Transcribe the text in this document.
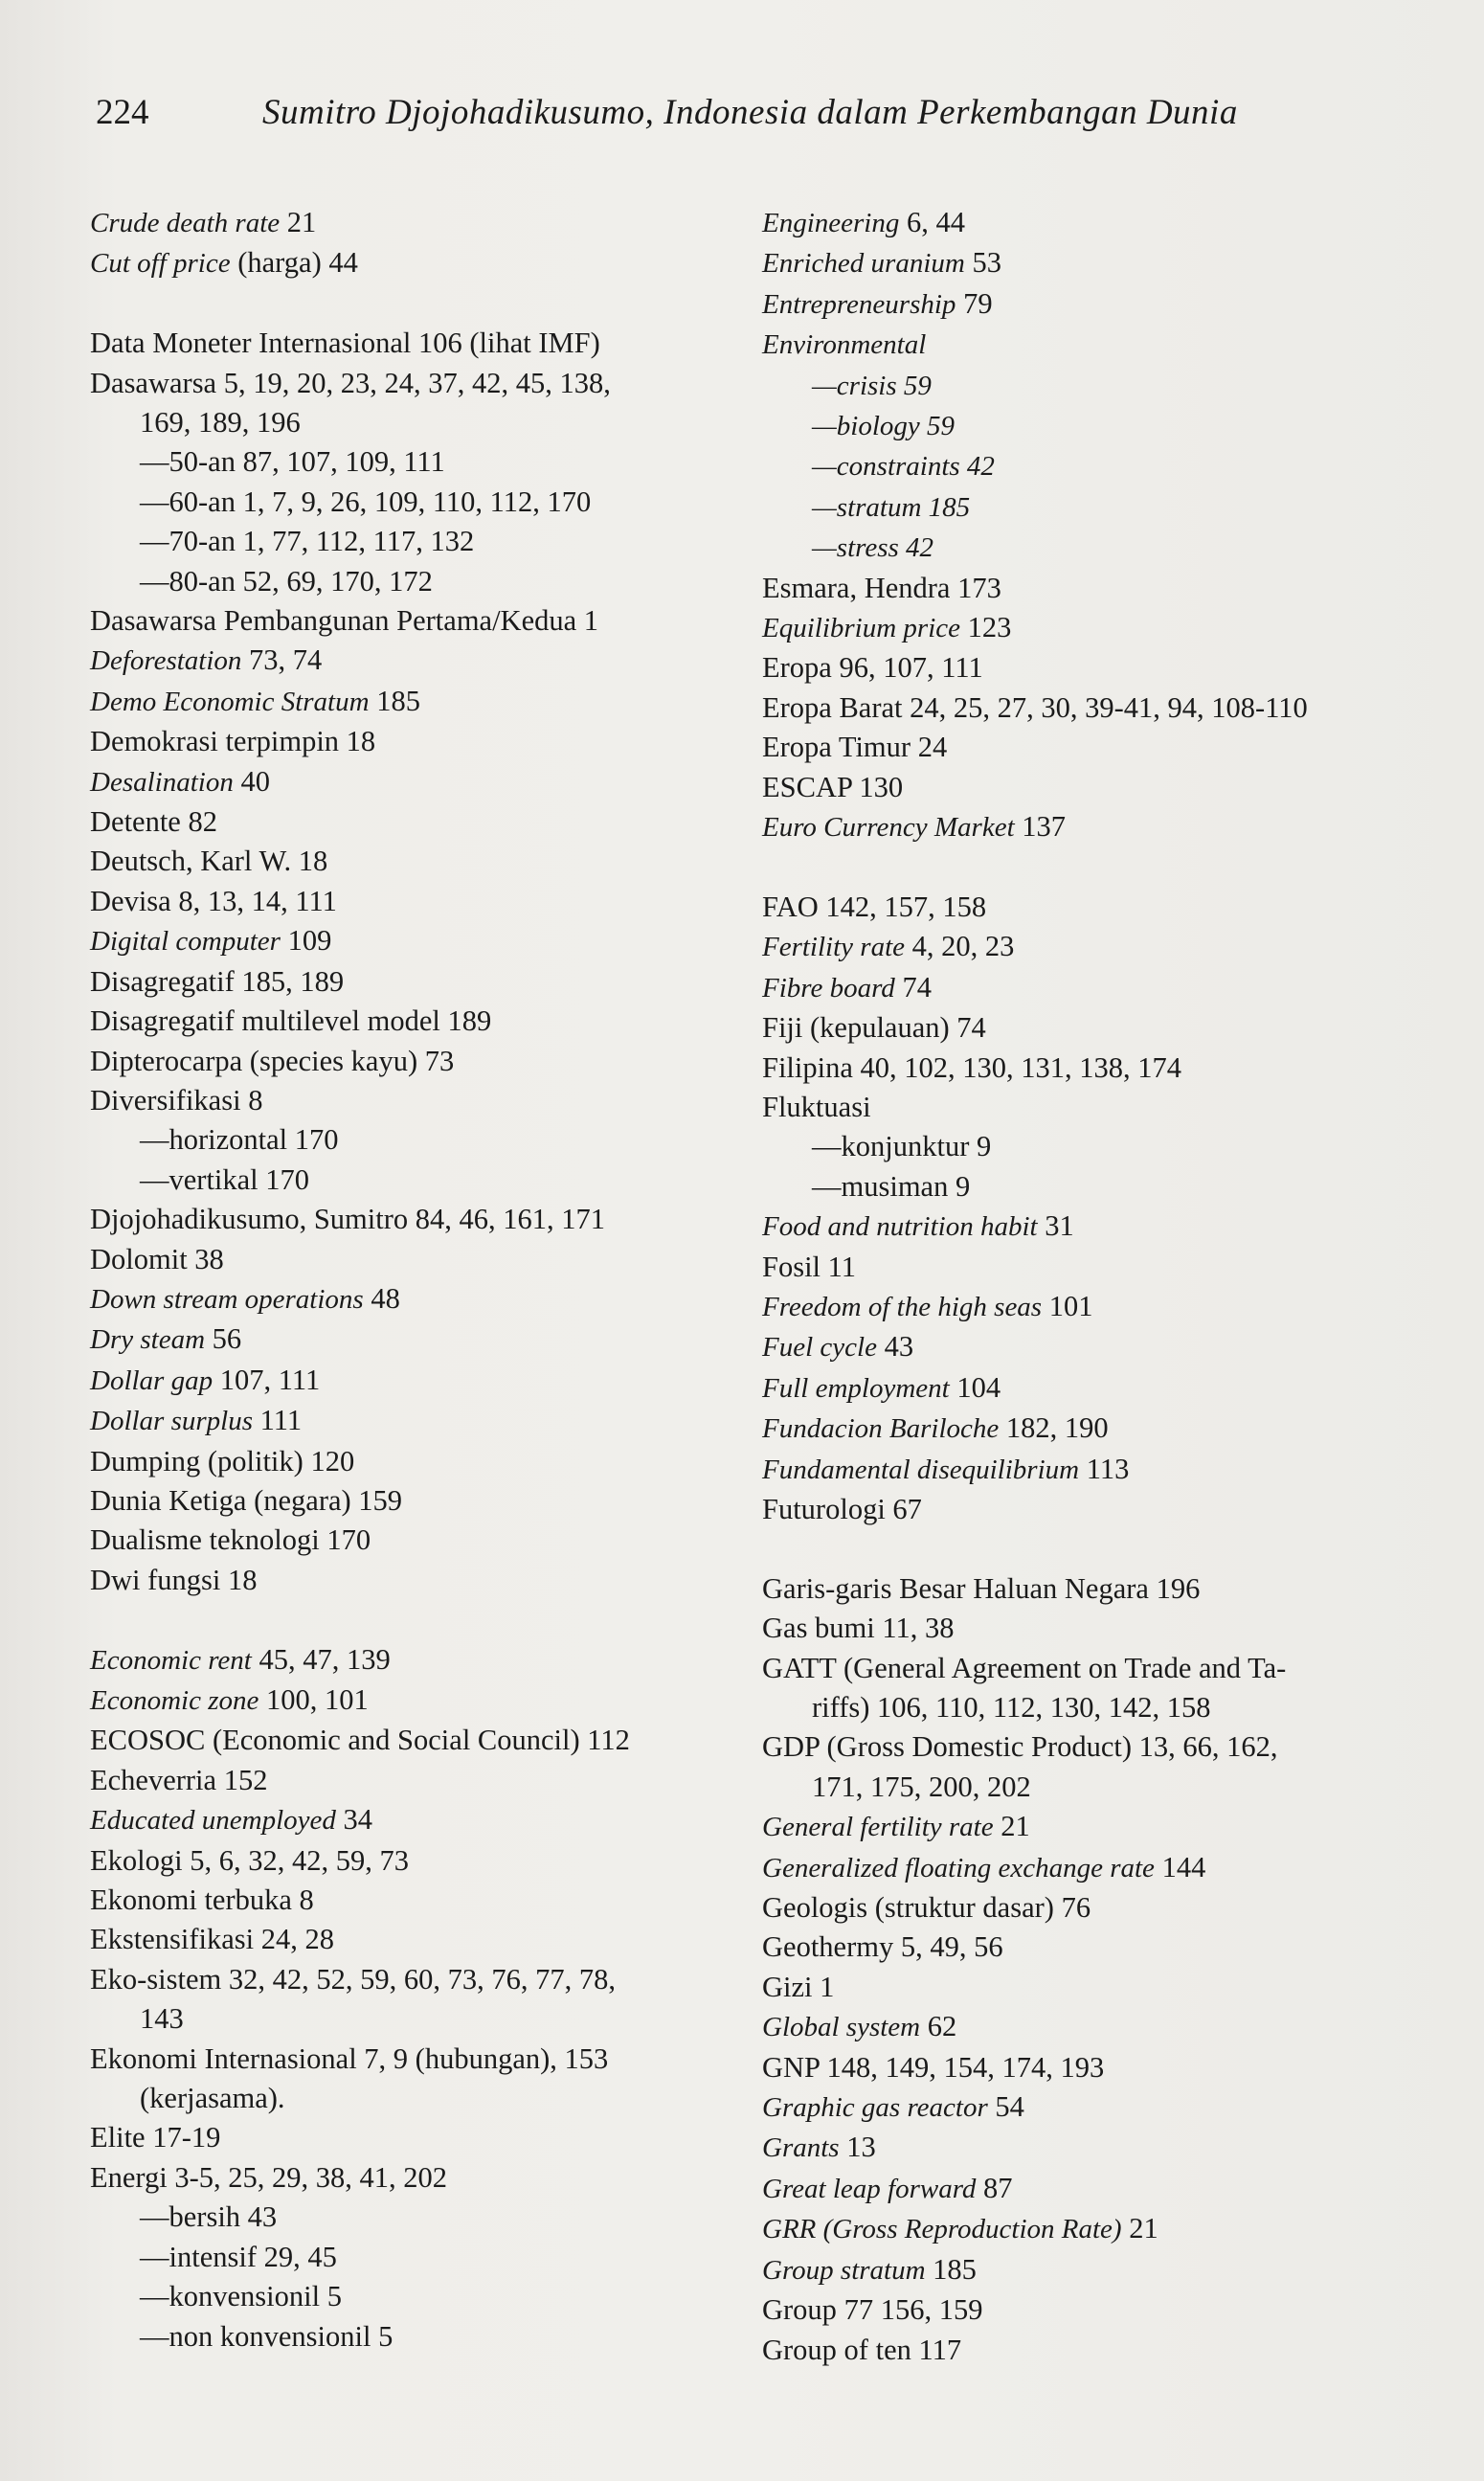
224	Sumitro Djojohadikusumo, Indonesia dalam Perkembangan Dunia
Crude death rate 21
Cut off price (harga) 44
Data Moneter Internasional 106 (lihat IMF)
Dasawarsa 5, 19, 20, 23, 24, 37, 42, 45, 138,
169, 189, 196
—50-an 87, 107, 109, 111
—60-an 1, 7, 9, 26, 109, 110, 112, 170
—70-an 1, 77, 112, 117, 132
—80-an 52, 69, 170, 172
Dasawarsa Pembangunan Pertama/Kedua 1
Deforestation 73, 74
Demo Economic Stratum 185
Demokrasi terpimpin 18
Desalination 40
Detente 82
Deutsch, Karl W. 18
Devisa 8, 13, 14, 111
Digital computer 109
Disagregatif 185, 189
Disagregatif multilevel model 189
Dipterocarpa (species kayu) 73
Diversifikasi 8
—horizontal 170
—vertikal 170
Djojohadikusumo, Sumitro 84, 46, 161, 171
Dolomit 38
Down stream operations 48
Dry steam 56
Dollar gap 107, 111
Dollar surplus 111
Dumping (politik) 120
Dunia Ketiga (negara) 159
Dualisme teknologi 170
Dwi fungsi 18
Economic rent 45, 47, 139
Economic zone 100, 101
ECOSOC (Economic and Social Council) 112
Echeverria 152
Educated unemployed 34
Ekologi 5, 6, 32, 42, 59, 73
Ekonomi terbuka 8
Ekstensifikasi 24, 28
Eko-sistem 32, 42, 52, 59, 60, 73, 76, 77, 78,
143
Ekonomi Internasional 7, 9 (hubungan), 153
(kerjasama).
Elite 17-19
Energi 3-5, 25, 29, 38, 41, 202
—bersih 43
—intensif 29, 45
—konvensionil 5
—non konvensionil 5
Engineering 6, 44
Enriched uranium 53
Entrepreneurship 79
Environmental
—crisis 59
—biology 59
—constraints 42
—stratum 185
—stress 42
Esmara, Hendra 173
Equilibrium price 123
Eropa 96, 107, 111
Eropa Barat 24, 25, 27, 30, 39-41, 94, 108-110
Eropa Timur 24
ESCAP 130
Euro Currency Market 137
FAO 142, 157, 158
Fertility rate 4, 20, 23
Fibre board 74
Fiji (kepulauan) 74
Filipina 40, 102, 130, 131, 138, 174
Fluktuasi
—konjunktur 9
—musiman 9
Food and nutrition habit 31
Fosil 11
Freedom of the high seas 101
Fuel cycle 43
Full employment 104
Fundacion Bariloche 182, 190
Fundamental disequilibrium 113
Futurologi 67
Garis-garis Besar Haluan Negara 196
Gas bumi 11, 38
GATT (General Agreement on Trade and Ta-
riffs) 106, 110, 112, 130, 142, 158
GDP (Gross Domestic Product) 13, 66, 162,
171, 175, 200, 202
General fertility rate 21
Generalized floating exchange rate 144
Geologis (struktur dasar) 76
Geothermy 5, 49, 56
Gizi 1
Global system 62
GNP 148, 149, 154, 174, 193
Graphic gas reactor 54
Grants 13
Great leap forward 87
GRR (Gross Reproduction Rate) 21
Group stratum 185
Group 77 156, 159
Group of ten 117
